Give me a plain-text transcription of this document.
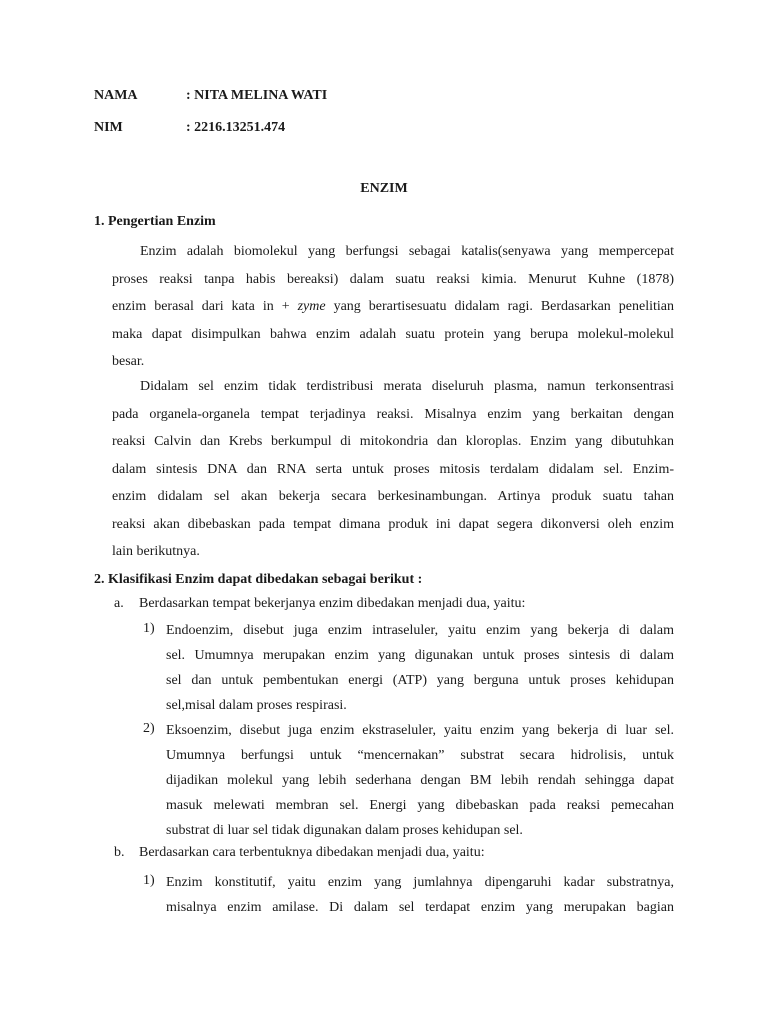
NAMA	: NITA MELINA WATI
NIM	: 2216.13251.474
ENZIM
1. Pengertian Enzim
Enzim adalah biomolekul yang berfungsi sebagai katalis(senyawa yang mempercepat
proses reaksi tanpa habis bereaksi) dalam suatu reaksi kimia. Menurut Kuhne (1878)
enzim berasal dari kata in + zyme yang berartisesuatu didalam ragi. Berdasarkan penelitian
maka dapat disimpulkan bahwa enzim adalah suatu protein yang berupa molekul-molekul
besar.
Didalam sel enzim tidak terdistribusi merata diseluruh plasma, namun terkonsentrasi
pada organela-organela tempat terjadinya reaksi. Misalnya enzim yang berkaitan dengan
reaksi Calvin dan Krebs berkumpul di mitokondria dan kloroplas. Enzim yang dibutuhkan
dalam sintesis DNA dan RNA serta untuk proses mitosis terdalam didalam sel. Enzim-
enzim didalam sel akan bekerja secara berkesinambungan. Artinya produk suatu tahan
reaksi akan dibebaskan pada tempat dimana produk ini dapat segera dikonversi oleh enzim
lain berikutnya.
2. Klasifikasi Enzim dapat dibedakan sebagai berikut :
a. Berdasarkan tempat bekerjanya enzim dibedakan menjadi dua, yaitu:
1) Endoenzim, disebut juga enzim intraseluler, yaitu enzim yang bekerja di dalam
sel. Umumnya merupakan enzim yang digunakan untuk proses sintesis di dalam
sel dan untuk pembentukan energi (ATP) yang berguna untuk proses kehidupan
sel,misal dalam proses respirasi.
2) Eksoenzim, disebut juga enzim ekstraseluler, yaitu enzim yang bekerja di luar sel.
Umumnya berfungsi untuk “mencernakan” substrat secara hidrolisis, untuk
dijadikan molekul yang lebih sederhana dengan BM lebih rendah sehingga dapat
masuk melewati membran sel. Energi yang dibebaskan pada reaksi pemecahan
substrat di luar sel tidak digunakan dalam proses kehidupan sel.
b. Berdasarkan cara terbentuknya dibedakan menjadi dua, yaitu:
1) Enzim konstitutif, yaitu enzim yang jumlahnya dipengaruhi kadar substratnya,
misalnya enzim amilase. Di dalam sel terdapat enzim yang merupakan bagian
